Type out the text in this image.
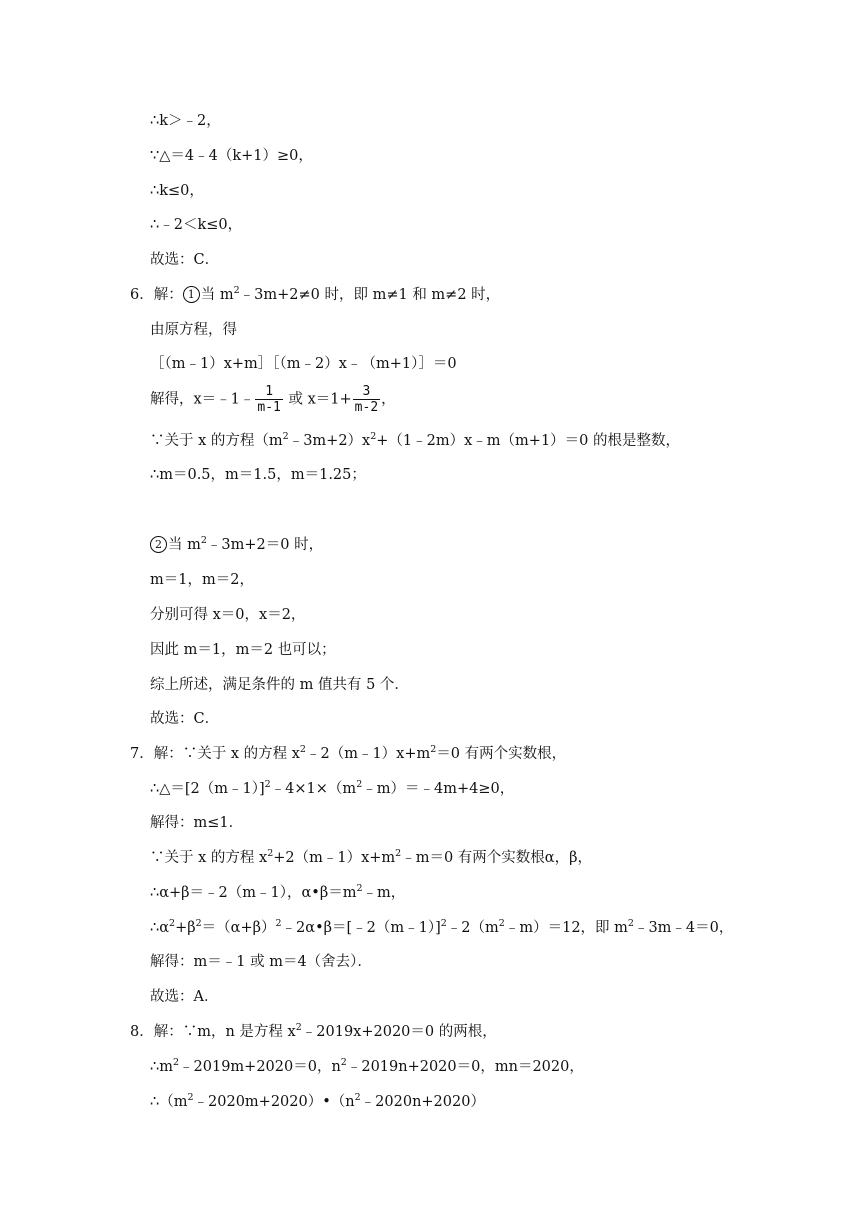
∴k＞﹣2，
∵△＝4﹣4（k+1）≥0，
∴k≤0，
∴﹣2＜k≤0，
故选：C．
6．解： 1 当 $m^2﹣3m+2\ne 0$ 时，即 m≠1 和 m≠2 时，
由原方程，得
［（m﹣1）x+m］［（m﹣2）x﹣（m+1）］＝0
解得，x＝﹣1﹣ $\frac{1}{m-1}$ 或 $x=1+ \frac{3}{m-2}$ ，
∵关于 x 的方程$(m^2﹣3m+2)x^2+(1﹣2m)x﹣m(m+1)=0$ 的根是整数，
∴m＝0.5，m＝1.5，m＝1.25；
2 当 $m^2﹣3m+2=0$ 时，
m＝1，m＝2，
分别可得 x＝0，x＝2，
因此 m＝1，m＝2 也可以；
综上所述，满足条件的 m 值共有 5 个．
故选：C．
7．解：∵关于 x 的方程 $x^2﹣2(m﹣1)x+m^2=0$ 有两个实数根，
$\therefore\triangle=[2(m﹣1)]^2﹣4\times 1\times(m^2﹣m)=﹣4m+4\ge 0$，
解得：m≤1．
∵关于 x 的方程 $x^2+2(m﹣1)x+m^2﹣m=0$ 有两个实数根α，β，
∴α+β＝﹣2（m﹣1），$\alpha•\beta=m^2﹣m$，
$\therefore\alpha^2+\beta^2=(\alpha+\beta)^2﹣2\alpha•\beta=[﹣2(m﹣1)]^2﹣2(m^2﹣m)=12$，即 $m^2﹣3m﹣4=0$，
解得：m＝﹣1 或 m＝4（舍去）．
故选：A．
8．解：∵m，n 是方程 $x^2﹣2019x+2020=0$ 的两根，
$\therefore m^2﹣2019m+2020=0$，$n^2﹣2019n+2020=0$，mn＝2020，
$\therefore(m^2﹣2020m+2020)•(n^2﹣2020n+2020)$
